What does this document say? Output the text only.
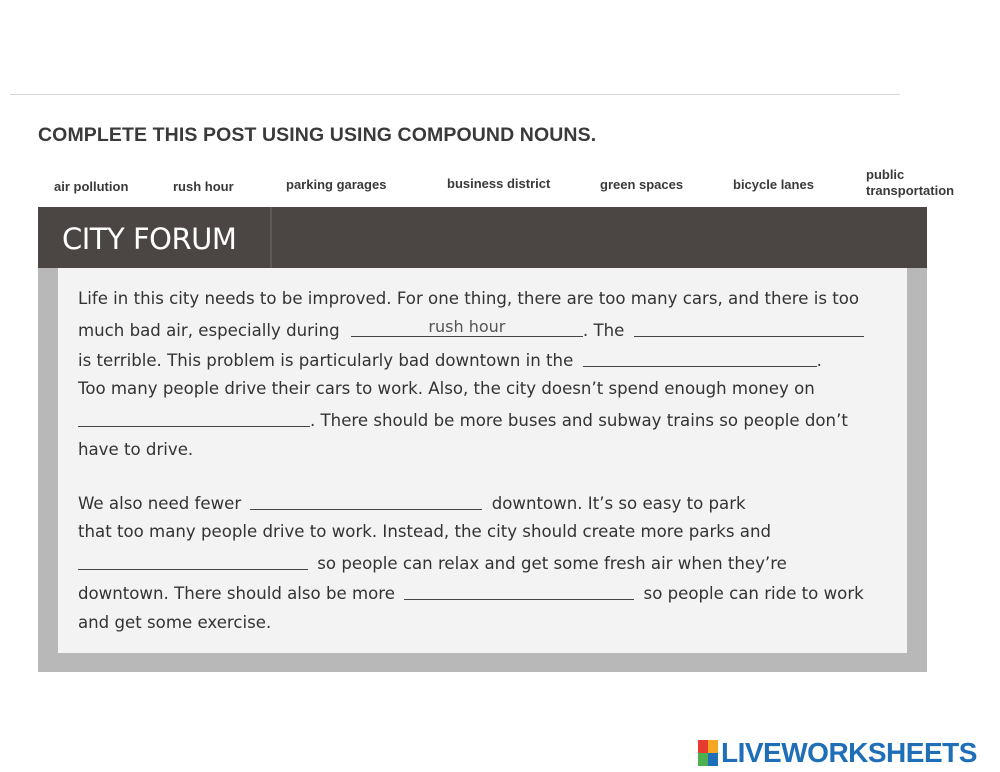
COMPLETE THIS POST USING USING COMPOUND NOUNS.
air pollution	rush hour	parking garages	business district	green spaces	bicycle lanes
public
transportation
CITY FORUM
Life in this city needs to be improved. For one thing, there are too many cars, and there is too
much bad air, especially during	rush hour	. The
is terrible. This problem is particularly bad downtown in the	.
Too many people drive their cars to work. Also, the city doesn’t spend enough money on
. There should be more buses and subway trains so people don’t
have to drive.
We also need fewer	downtown. It’s so easy to park
that too many people drive to work. Instead, the city should create more parks and
so people can relax and get some fresh air when they’re
downtown. There should also be more	so people can ride to work
and get some exercise.
LIVEWORKSHEETS
